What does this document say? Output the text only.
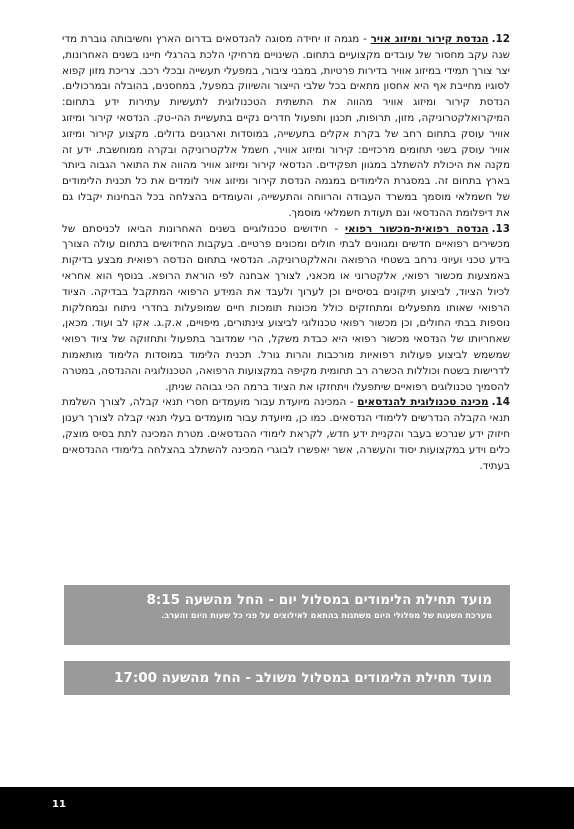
12.הנדסת קירור ומיזוג אויר - מגמה זו יחידה מסוגה להנדסאים בדרום הארץ וחשיבותה גוברת מדי שנה עקב מחסור של עובדים מקצועיים בתחום. השינויים מרחיקי הלכת בהרגלי חיינו בשנים האחרונות, יצר צורך תמידי במיזוג אוויר בדירות פרטיות, במבני ציבור, במפעלי תעשייה ובכלי רכב. צריכת מזון קפוא לסוגיו מחייבת אף היא אחסון מתאים בכל שלבי הייצור והשיווק במפעל, במחסנים, בהובלה ובמרכולים. הנדסת קירור ומיזוג אוויר מהווה את התשתית הטכנולוגית לתעשיות עתירות ידע בתחום: המיקרואלקטרוניקה, מזון, תרופות, תכנון ותפעול חדרים נקיים בתעשיית ההי-טק. הנדסאי קירור ומיזוג אוויר עוסק בתחום רחב של בקרת אקלים בתעשייה, במוסדות וארגונים גדולים. מקצוע קירור ומיזוג אוויר עוסק בשני תחומים מרכזיים: קירור ומיזוג אוויר, חשמל אלקטרוניקה ובקרה ממוחשבת. ידע זה מקנה את היכולת להשתלב במגוון תפקידים. הנדסאי קירור ומיזוג אוויר מהווה את התואר הגבוה ביותר בארץ בתחום זה. במסגרת הלימודים במגמה הנדסת קירור ומיזוג אויר לומדים את כל תכנית הלימודים של חשמלאי מוסמך במשרד העבודה והרווחה והתעשייה, והעומדים בהצלחה בכל הבחינות יקבלו גם את דיפלומת ההנדסאי וגם תעודת חשמלאי מוסמך.

13.הנדסה רפואית-מכשור רפואי - חידושים טכנולוגיים בשנים האחרונות הביאו לכניסתם של מכשירים רפואיים חדשים ומגוונים לבתי חולים ומכונים פרטיים. בעקבות החידושים בתחום עולה הצורך בידע טכני ועיוני נרחב בשטחי הרפואה והאלקטרוניקה. הנדסאי בתחום הנדסה רפואית מבצע בדיקות באמצעות מכשור רפואי, אלקטרוני או מכאני, לצורך אבחנה לפי הוראת הרופא. בנוסף הוא אחראי לכיול הציוד, לביצוע תיקונים בסיסיים וכן לערוך ולעבד את המידע הרפואי המתקבל בבדיקה. הציוד הרפואי שאותו מתפעלים ומתחזקים כולל מכונות תומכות חיים שמופעלות בחדרי ניתוח ובמחלקות נוספות בבתי החולים, וכן מכשור רפואי טכנולוגי לביצוע צינתורים, מיפויים, א.ק.ג. אקו לב ועוד. מכאן, שאחריותו של הנדסאי מכשור רפואי היא כבדת משקל, הרי שמדובר בתפעול ותחזוקה של ציוד רפואי שמשמש לביצוע פעולות רפואיות מורכבות והרות גורל. תכנית הלימוד במוסדות הלימוד מותאמות לדרישות בשטח וכוללות הכשרה רב תחומית מקיפה במקצועות הרפואה, הטכנולוגיה וההנדסה, במטרה להסמיך טכנולוגים רפואיים שיתפעלו ויתחזקו את הציוד ברמה הכי גבוהה שניתן.

14.מכינה טכנולוגית להנדסאים - המכינה מיועדת עבור מועמדים חסרי תנאי קבלה, לצורך השלמת תנאי הקבלה הנדרשים ללימודי הנדסאים. כמו כן, מיועדת עבור מועמדים בעלי תנאי קבלה לצורך רענון חיזוק ידע שנרכש בעבר והקניית ידע חדש, לקראת לימודי ההנדסאים. מטרת המכינה לתת בסיס מוצק, כלים וידע במקצועות יסוד והעשרה, אשר יאפשרו לבוגרי המכינה להשתלב בהצלחה בלימודי ההנדסאים בעתיד.

מועד תחילת הלימודים במסלול יום - החל מהשעה 8:15
מערכת השעות של מסלולי היום משתנות בהתאם לאילוצים על פני כל שעות היום והערב.
מועד תחילת הלימודים במסלול משולב - החל מהשעה 17:00
11
